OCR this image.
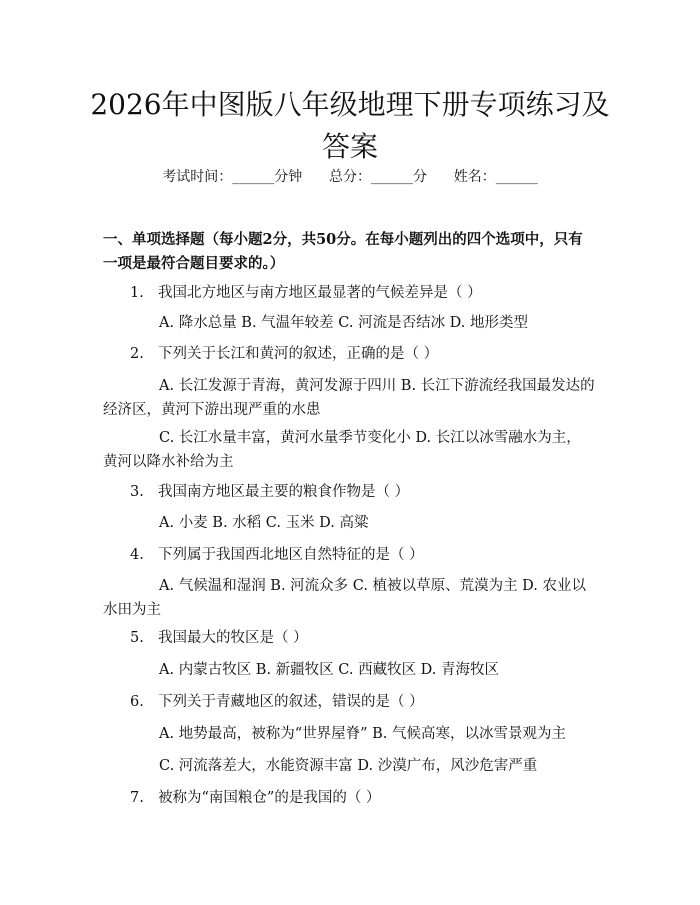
2026年中图版八年级地理下册专项练习及答案
考试时间：______分钟      总分：______分      姓名：______
一、单项选择题（每小题2分，共50分。在每小题列出的四个选项中，只有一项是最符合题目要求的。）
1. 我国北方地区与南方地区最显著的气候差异是（ ）
A. 降水总量 B. 气温年较差 C. 河流是否结冰 D. 地形类型
2. 下列关于长江和黄河的叙述，正确的是（ ）
A. 长江发源于青海，黄河发源于四川 B. 长江下游流经我国最发达的经济区，黄河下游出现严重的水患
C. 长江水量丰富，黄河水量季节变化小 D. 长江以冰雪融水为主，黄河以降水补给为主
3. 我国南方地区最主要的粮食作物是（ ）
A. 小麦 B. 水稻 C. 玉米 D. 高粱
4. 下列属于我国西北地区自然特征的是（ ）
A. 气候温和湿润 B. 河流众多 C. 植被以草原、荒漠为主 D. 农业以水田为主
5. 我国最大的牧区是（ ）
A. 内蒙古牧区 B. 新疆牧区 C. 西藏牧区 D. 青海牧区
6. 下列关于青藏地区的叙述，错误的是（ ）
A. 地势最高，被称为“世界屋脊” B. 气候高寒，以冰雪景观为主
C. 河流落差大，水能资源丰富 D. 沙漠广布，风沙危害严重
7. 被称为“南国粮仓”的是我国的（ ）
